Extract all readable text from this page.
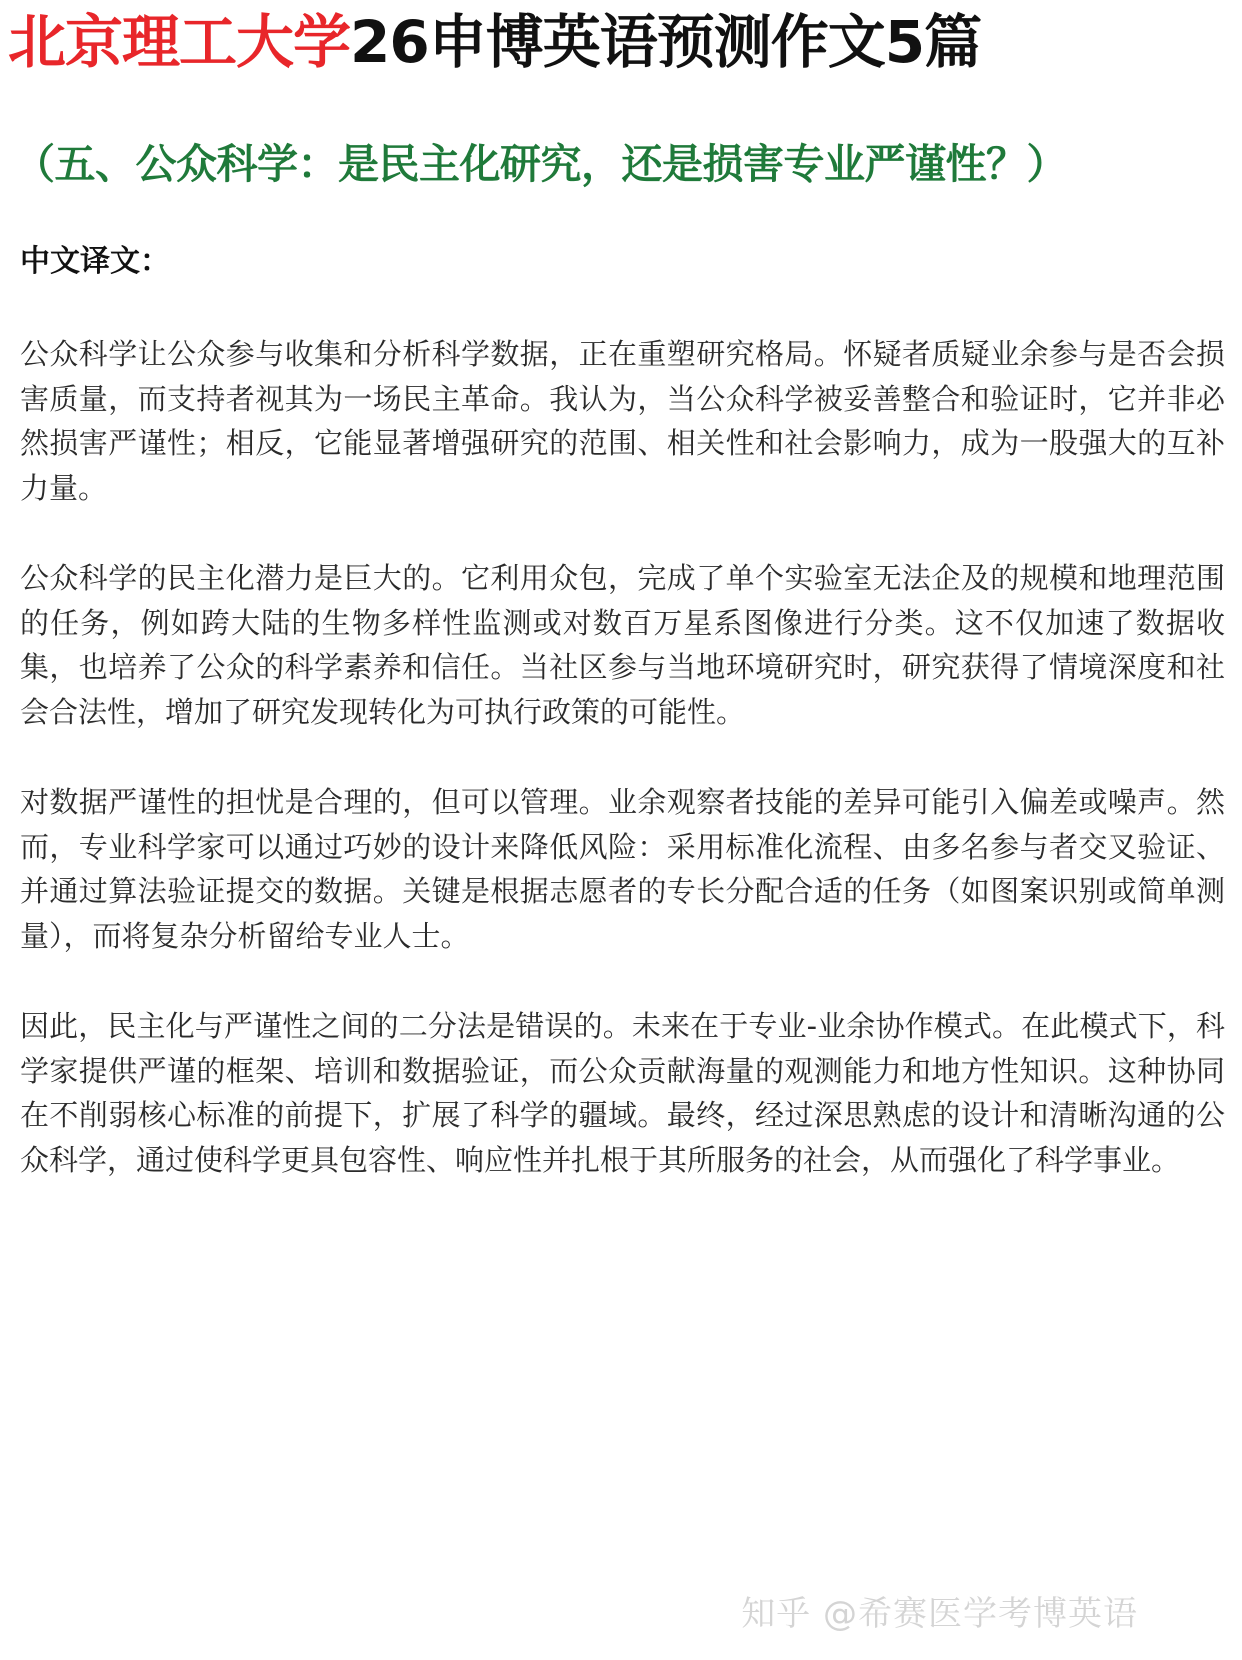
北京理工大学26申博英语预测作文5篇
（五、公众科学：是民主化研究，还是损害专业严谨性？）
中文译文：

公众科学让公众参与收集和分析科学数据，正在重塑研究格局。怀疑者质疑业余参与是否会损害质量，而支持者视其为一场民主革命。我认为，当公众科学被妥善整合和验证时，它并非必然损害严谨性；相反，它能显著增强研究的范围、相关性和社会影响力，成为一股强大的互补力量。

公众科学的民主化潜力是巨大的。它利用众包，完成了单个实验室无法企及的规模和地理范围的任务，例如跨大陆的生物多样性监测或对数百万星系图像进行分类。这不仅加速了数据收集，也培养了公众的科学素养和信任。当社区参与当地环境研究时，研究获得了情境深度和社会合法性，增加了研究发现转化为可执行政策的可能性。

对数据严谨性的担忧是合理的，但可以管理。业余观察者技能的差异可能引入偏差或噪声。然而，专业科学家可以通过巧妙的设计来降低风险：采用标准化流程、由多名参与者交叉验证、并通过算法验证提交的数据。关键是根据志愿者的专长分配合适的任务（如图案识别或简单测量），而将复杂分析留给专业人士。

因此，民主化与严谨性之间的二分法是错误的。未来在于专业-业余协作模式。在此模式下，科学家提供严谨的框架、培训和数据验证，而公众贡献海量的观测能力和地方性知识。这种协同在不削弱核心标准的前提下，扩展了科学的疆域。最终，经过深思熟虑的设计和清晰沟通的公众科学，通过使科学更具包容性、响应性并扎根于其所服务的社会，从而强化了科学事业。

知乎 @希赛医学考博英语
